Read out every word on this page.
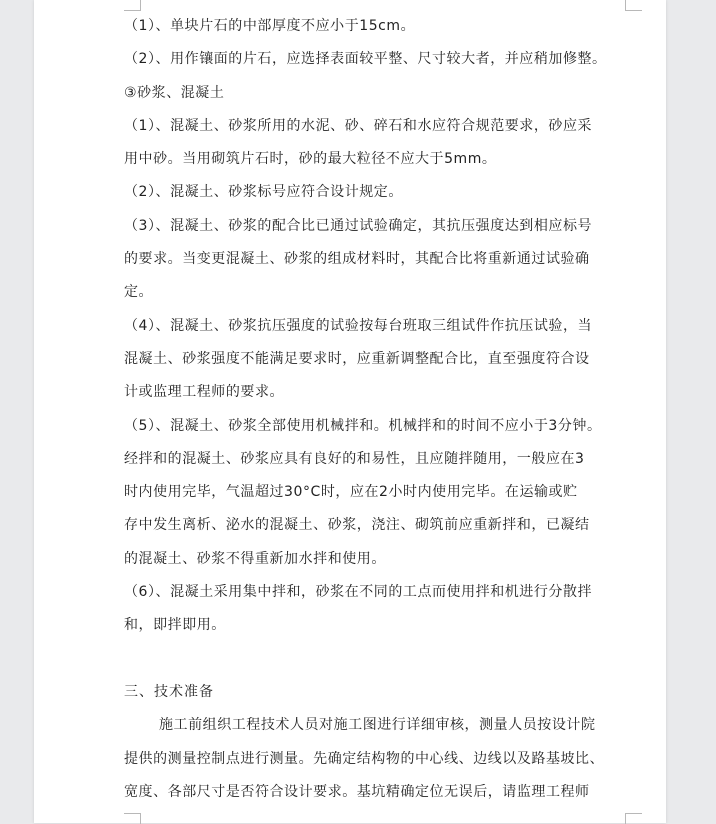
（1）、单块片石的中部厚度不应小于15cm。
（2）、用作镶面的片石，应选择表面较平整、尺寸较大者，并应稍加修整。
③砂浆、混凝土
（1）、混凝土、砂浆所用的水泥、砂、碎石和水应符合规范要求，砂应采
用中砂。当用砌筑片石时，砂的最大粒径不应大于5mm。
（2）、混凝土、砂浆标号应符合设计规定。
（3）、混凝土、砂浆的配合比已通过试验确定，其抗压强度达到相应标号
的要求。当变更混凝土、砂浆的组成材料时，其配合比将重新通过试验确
定。
（4）、混凝土、砂浆抗压强度的试验按每台班取三组试件作抗压试验，当
混凝土、砂浆强度不能满足要求时，应重新调整配合比，直至强度符合设
计或监理工程师的要求。
（5）、混凝土、砂浆全部使用机械拌和。机械拌和的时间不应小于3分钟。
经拌和的混凝土、砂浆应具有良好的和易性，且应随拌随用，一般应在3
时内使用完毕，气温超过30°C时，应在2小时内使用完毕。在运输或贮
存中发生离析、泌水的混凝土、砂浆，浇注、砌筑前应重新拌和，已凝结
的混凝土、砂浆不得重新加水拌和使用。
（6）、混凝土采用集中拌和，砂浆在不同的工点而使用拌和机进行分散拌
和，即拌即用。
三、技术准备
施工前组织工程技术人员对施工图进行详细审核，测量人员按设计院
提供的测量控制点进行测量。先确定结构物的中心线、边线以及路基坡比、
宽度、各部尺寸是否符合设计要求。基坑精确定位无误后，请监理工程师
